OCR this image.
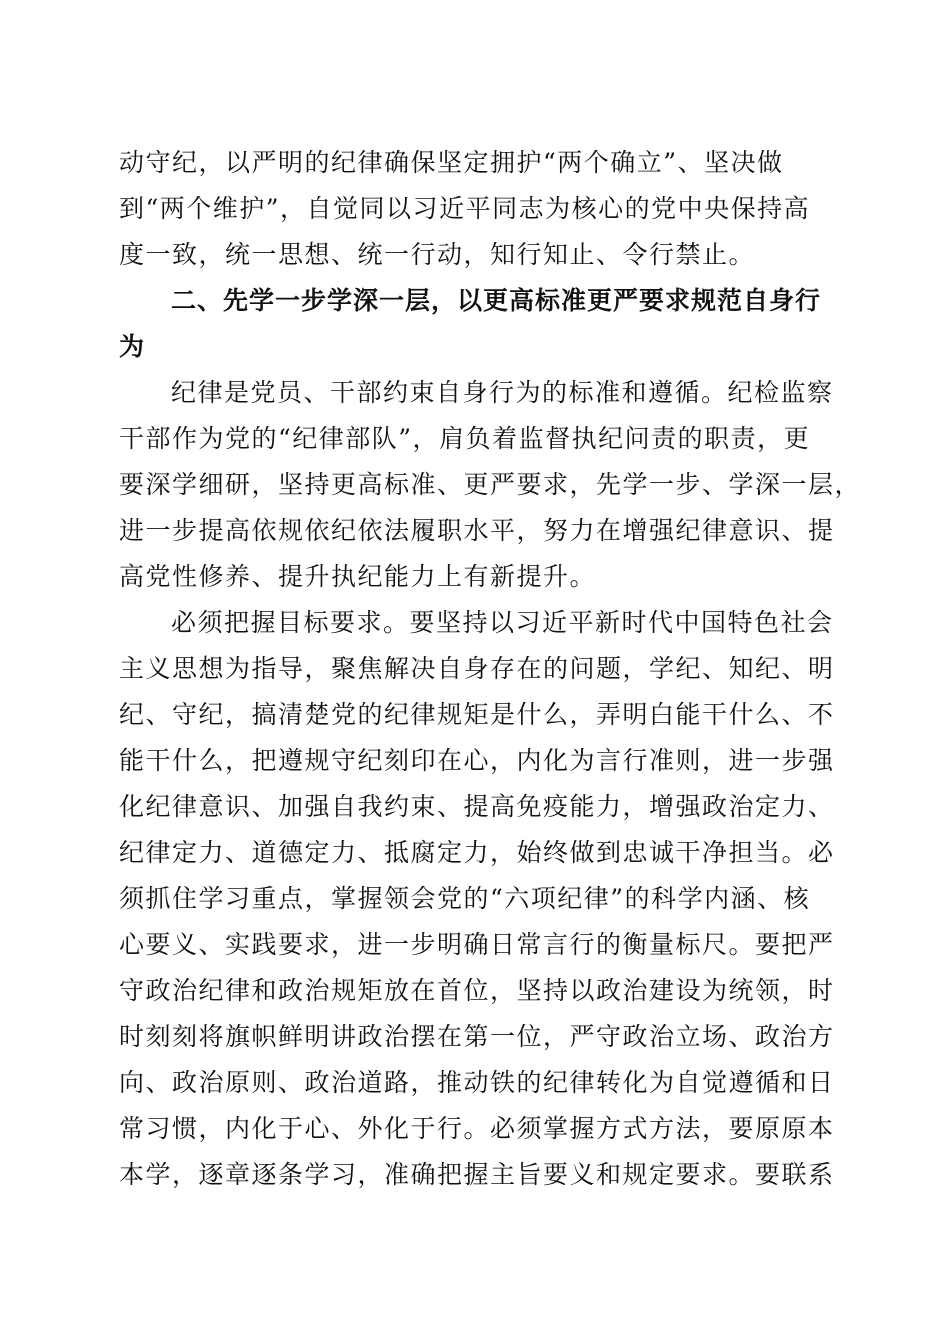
动守纪，以严明的纪律确保坚定拥护“两个确立”、坚决做
到“两个维护”，自觉同以习近平同志为核心的党中央保持高
度一致，统一思想、统一行动，知行知止、令行禁止。
二、先学一步学深一层，以更高标准更严要求规范自身行
为
纪律是党员、干部约束自身行为的标准和遵循。纪检监察
干部作为党的“纪律部队”，肩负着监督执纪问责的职责，更
要深学细研，坚持更高标准、更严要求，先学一步、学深一层，
进一步提高依规依纪依法履职水平，努力在增强纪律意识、提
高党性修养、提升执纪能力上有新提升。
必须把握目标要求。要坚持以习近平新时代中国特色社会
主义思想为指导，聚焦解决自身存在的问题，学纪、知纪、明
纪、守纪，搞清楚党的纪律规矩是什么，弄明白能干什么、不
能干什么，把遵规守纪刻印在心，内化为言行准则，进一步强
化纪律意识、加强自我约束、提高免疫能力，增强政治定力、
纪律定力、道德定力、抵腐定力，始终做到忠诚干净担当。必
须抓住学习重点，掌握领会党的“六项纪律”的科学内涵、核
心要义、实践要求，进一步明确日常言行的衡量标尺。要把严
守政治纪律和政治规矩放在首位，坚持以政治建设为统领，时
时刻刻将旗帜鲜明讲政治摆在第一位，严守政治立场、政治方
向、政治原则、政治道路，推动铁的纪律转化为自觉遵循和日
常习惯，内化于心、外化于行。必须掌握方式方法，要原原本
本学，逐章逐条学习，准确把握主旨要义和规定要求。要联系
